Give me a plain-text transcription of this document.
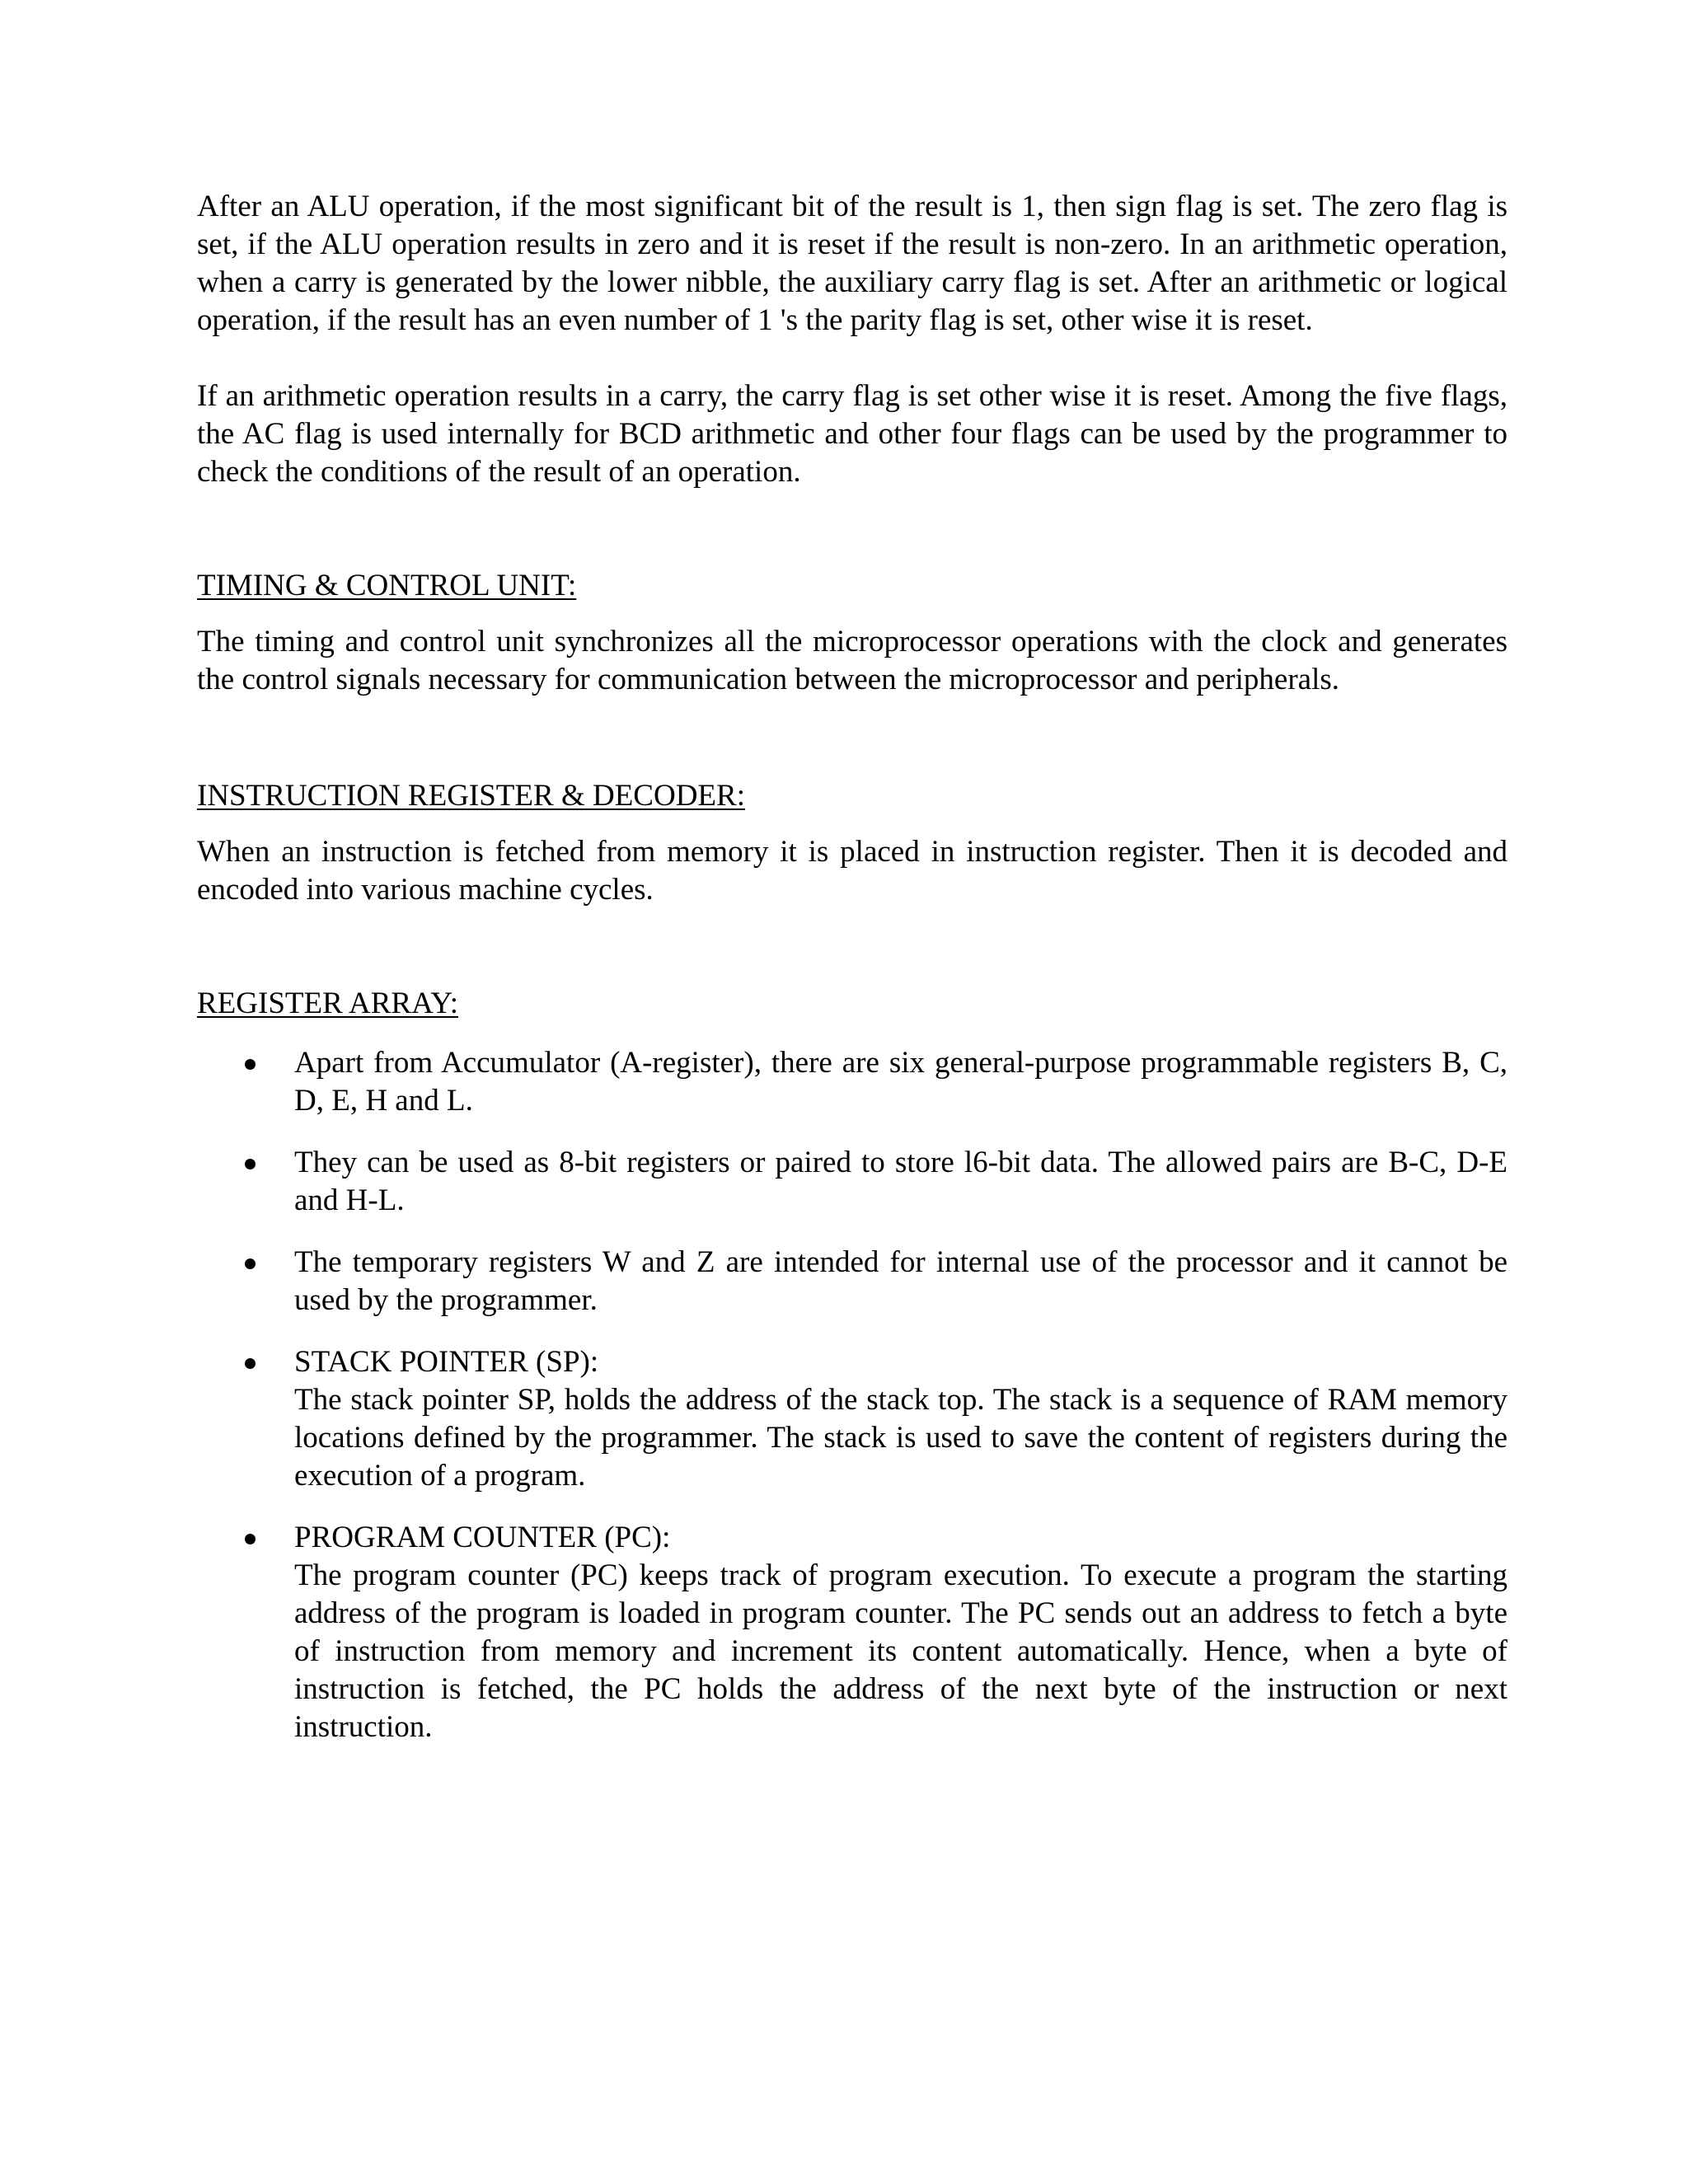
After an ALU operation, if the most significant bit of the result is 1, then sign flag is set. The zero flag is set, if the ALU operation results in zero and it is reset if the result is non-zero. In an arithmetic operation, when a carry is generated by the lower nibble, the auxiliary carry flag is set. After an arithmetic or logical operation, if the result has an even number of 1 's the parity flag is set, other wise it is reset.

If an arithmetic operation results in a carry, the carry flag is set other wise it is reset. Among the five flags, the AC flag is used internally for BCD arithmetic and other four flags can be used by the programmer to check the conditions of the result of an operation.

TIMING & CONTROL UNIT:

The timing and control unit synchronizes all the microprocessor operations with the clock and generates the control signals necessary for communication between the microprocessor and peripherals.

INSTRUCTION REGISTER & DECODER:

When an instruction is fetched from memory it is placed in instruction register. Then it is decoded and encoded into various machine cycles.

REGISTER ARRAY:

Apart from Accumulator (A-register), there are six general-purpose programmable registers B, C, D, E, H and L.

They can be used as 8-bit registers or paired to store l6-bit data. The allowed pairs are B-C, D-E and H-L.

The temporary registers W and Z are intended for internal use of the processor and it cannot be used by the programmer.

STACK POINTER (SP):

The stack pointer SP, holds the address of the stack top. The stack is a sequence of RAM memory locations defined by the programmer. The stack is used to save the content of registers during the execution of a program.

PROGRAM COUNTER (PC):

The program counter (PC) keeps track of program execution. To execute a program the starting address of the program is loaded in program counter. The PC sends out an address to fetch a byte of instruction from memory and increment its content automatically. Hence, when a byte of instruction is fetched, the PC holds the address of the next byte of the instruction or next instruction.
